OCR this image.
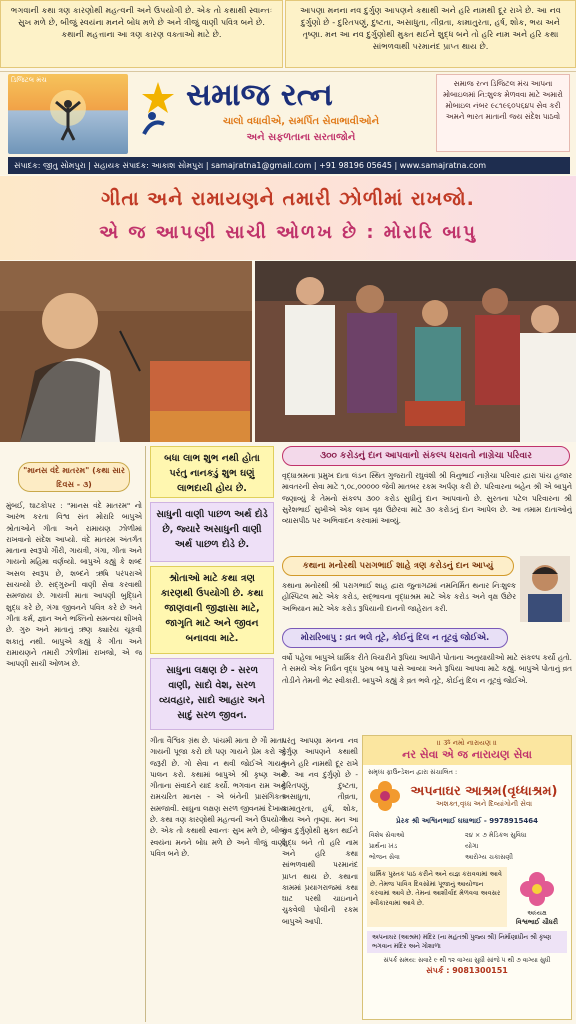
ભગવાની કથા ત્રણ કારણોથી મહત્વની અને ઉપયોગી છે. એક તો કથાથી સ્વાન્તઃ સુખ મળે છે, બીજું સ્વયંના મનને બોધ મળે છે અને ત્રીજું વાણી પવિત્ર બને છે. કથાની મહત્તાના આ ત્રણ કારણ વક્તાઓ માટે છે.
આપણા મનના નવ દુર્ગુણ આપણને કથાથી અને હરિ નામથી દૂર રાખે છે. આ નવ દુર્ગુણો છે - દુરિતપણું, દુષ્ટતા, અસાધુતા, તીવ્રતા, કામાતુરતા, હર્ષ, શોક, ભય અને તૃષ્ણા. મન આ નવ દુર્ગુણોથી મુક્ત થઈને શુદ્ધ બને તો હરિ નામ અને હરિ કથા સાંભળવાથી પરમાનંદ પ્રાપ્ત થાય છે.
ડિજિટલ મંચ	સમાજ રત્ન
ચાલો વધાવીએ, સમર્પિત સેવાભાવીઓને
અને સફળતાના સરતાજોને
સમાજ રત્ન ડિજિટલ મંચ આપના મોબાઇલમાં નિ:શુલ્ક મેળવવા માટે અમારો મોબાઇલ નંબર ૯૮૧૯૬૦૫૬૪૫ સેવ કરી અમને ભારત માતાની જય સંદેશ પાઠવો
સંપાદક: જીતુ સોમપુરા | સહાયક સંપાદક: આકાશ સોમપુરા | samajratna1@gmail.com | +91 98196 05645 | www.samajratna.com
ગીતા અને રામાયણને તમારી ઝોળીમાં રાખજો.
એ જ આપણી સાચી ઓળખ છે : મોરારિ બાપુ
"માનસ વંદે માતરમ" (કથા સાર દિવસ - ૩)
મુંબઈ, ઘાટકોપર : "માનસ વંદે માતરમ" નો આરંભ કરતા વિશ્વ સંત મોરારિ બાપુએ શ્રોતાઓને ગીતા અને રામાયણ ઝોળીમાં રાખવાનો સંદેશ આપ્યો. વંદે માતરમ અંતર્ગત માતાના સ્વરૂપો ગૌરી, ગાયત્રી, ગંગા, ગીતા અને ગાયનો મહિમા વર્ણવ્યો. બાપુએ કહ્યું કે શબ્દ અસલ સ્વરૂપ છે, શબ્દને ઋષિ પરંપરાએ સાચવ્યો છે. સદ્ગુરુની વાણી સેવા કરવાથી સમજાય છે. ગાયત્રી માતા આપણી બુદ્ધિને શુદ્ધ કરે છે, ગંગા જીવનને પવિત્ર કરે છે અને ગીતા કર્મ, જ્ઞાન અને ભક્તિનો સમન્વય શીખવે છે. ગુરુ અને માતાનું ઋણ ક્યારેય ચૂકવી શકાતું નથી. બાપુએ કહ્યું કે ગીતા અને રામાયણને તમારી ઝોળીમાં રાખજો, એ જ આપણી સાચી ઓળખ છે.
બધા લાભ શુભ નથી હોતા પરંતુ નાનકડું શુભ ઘણું લાભદાયી હોય છે.
સાધુની વાણી પાછળ અર્થ દોડે છે, જ્યારે અસાધુની વાણી અર્થ પાછળ દોડે છે.
શ્રોતાઓ માટે કથા ત્રણ કારણથી ઉપયોગી છે. કથા જાણવાની જીજ્ઞાસા માટે, જાગૃતિ માટે અને જીવન બનાવવા માટે.
સાધુના લક્ષણ છે - સરળ વાણી, સાદો વેશ, સરળ વ્યવહાર, સાદો આહાર અને સાદું સરળ જીવન.
ગીતા વૈશ્વિક ગ્રંથ છે. પાંચમી માતા છે ગૌ માતા. ગાયની પૂજા કરો છો પણ ગાયને પ્રેમ કરો એ જરૂરી છે. ગો સેવા ન થવી જોઈએ ગાયનું પાલન કરો. કથામાં બાપુએ શ્રી કૃષ્ણ અને ગીતાના સંવાદને યાદ કર્યો. ભગવાન રામ અને રામચરિત માનસ - એ બંનેની પ્રાસંગિકતા સમજાવી. સાધુના લક્ષણ સરળ જીવનમાં દેખાય છે. કથા ત્રણ કારણોથી મહત્વની અને ઉપયોગી છે. એક તો કથાથી સ્વાન્તઃ સુખ મળે છે, બીજું સ્વયંના મનને બોધ મળે છે અને ત્રીજું વાણી પવિત્ર બને છે.
૩૦૦ કરોડનું દાન આપવાનો સંકલ્પ ધરાવતો નાગ્રેચા પરિવાર
વૃદ્ધાશ્રમના પ્રમુખ દાતા લંડન સ્થિત ગુજરાતી રઘુવંશી શ્રી વિનુભાઈ નાગ્રેચા પરિવાર દ્વારા પાંચ હજાર માવતરની સેવા માટે ૧,૦૮,૦૦૦૦૦ જેવી માતબર રકમ અર્પણ કરી છે. પરિવારના બહેન શ્રી એ બાપુને જણાવ્યું કે તેમનો સંકલ્પ ૩૦૦ કરોડ સુધીનું દાન આપવાનો છે. સુરતના પટેલ પરિવારના શ્રી સુરેશભાઈ સુખીએ એક લાખ વૃક્ષ ઉછેરવા માટે ૩૦ કરોડનું દાન આપેલ છે. આ તમામ દાતાઓનું વ્યાસપીઠ પર અભિવાદન કરવામાં આવ્યું.
કથાના મનોરથી પરાગભાઈ શાહે ત્રણ કરોડનું દાન આપ્યું
કથાના મનોરથી શ્રી પરાગભાઈ શાહ દ્વારા જુનાગઢમાં નમનિર્મિત થનાર નિઃશુલ્ક હોસ્પિટલ માટે એક કરોડ, સદ્ભાવના વૃદ્ધાશ્રમ માટે એક કરોડ અને વૃક્ષ ઉછેર અભિયાન માટે એક કરોડ રૂપિયાની દાનની જાહેરાત કરી.
મોરારિબાપુ : વ્રત ભલે તૂટે, કોઈનું દિલ ન તૂટવું જોઈએ.
વર્ષો પહેલા બાપુએ ધાર્મિક રીતે વિચારીને રૂપિયા આપીને પોતાના અનુયાયીઓ માટે સંકલ્પ કર્યો હતો. તે સમયે એક નિર્ધન વૃદ્ધ પુરુષ બાપુ પાસે આવ્યા અને રૂપિયા આપવા માટે કહ્યું. બાપુએ પોતાનું વ્રત તોડીને તેમની ભેટ સ્વીકારી. બાપુએ કહ્યું કે વ્રત ભલે તૂટે, કોઈનું દિલ ન તૂટવું જોઈએ.
પરંતુ આપણા મનના નવ દુર્ગુણ આપણને કથાથી અને હરિ નામથી દૂર રાખે છે. આ નવ દુર્ગુણો છે - દુરિતપણું, દુષ્ટતા, અસાધુતા, તીવ્રતા, કામાતુરતા, હર્ષ, શોક, ભય અને તૃષ્ણા. મન આ નવ દુર્ગુણોથી મુક્ત થઈને શુદ્ધ બને તો હરિ નામ અને હરિ કથા સાંભળવાથી પરમાનંદ પ્રાપ્ત થાય છે. કથાના કામમાં પ્રયાગરાજમાં કથા ઘાટ પરથી ચાઇનાને ચુકવેલી પોલીની રકમ બાપુએ આપી.
॥ ૐ નમો નારાયણ ॥
નર સેવા એ જ નારાયણ સેવા
સમૃધ્ધ ફાઉન્ડેશન દ્વારા સંચાલિત :
અપનાઘર આશ્રમ(વૃધ્ધાશ્રમ)
અશક્ત,વૃધ્ધ અને દિવ્યાંગોની સેવા
પ્રેરક શ્રી અશ્વિનભાઈ ઘઘાભાઈ - 9978915464
વિશેષ સેવાઓ	૨૪ × ૭ મેડિકલ સુવિધા
પ્રાર્થના ખંડ	યોગા
ભોજન સેવા	આરોગ્ય ચકાસણી
ધાર્મિક પુસ્તક પાઠ કરીને અને યજ્ઞ કરાવવામાં આવે છે. તેમજ પાવિત્ર દિવસોમાં પૂજાનું આયોજન કરવામાં આવે છે. તેમનાં આશીર્વાદ મેળવવા અવસર સ્વીકારવામાં આવે છે.
અધ્યક્ષ
વિશ્વભાઈ ચૌધરી
અપનાઘર (આશ્રમ) મંદિર (ના મહંતશ્રી પુજ્ય શ્રી) નિર્માણાધીન શ્રી કૃષ્ણ ભગવાન મંદિર અને ગોશાળા
સંપર્ક સમય: સવારે ૯ થી ૧૨ વાગ્યા સુધી સાંજે ૫ થી ૭ વાગ્યા સુધી
સંપર્ક : 9081300151
